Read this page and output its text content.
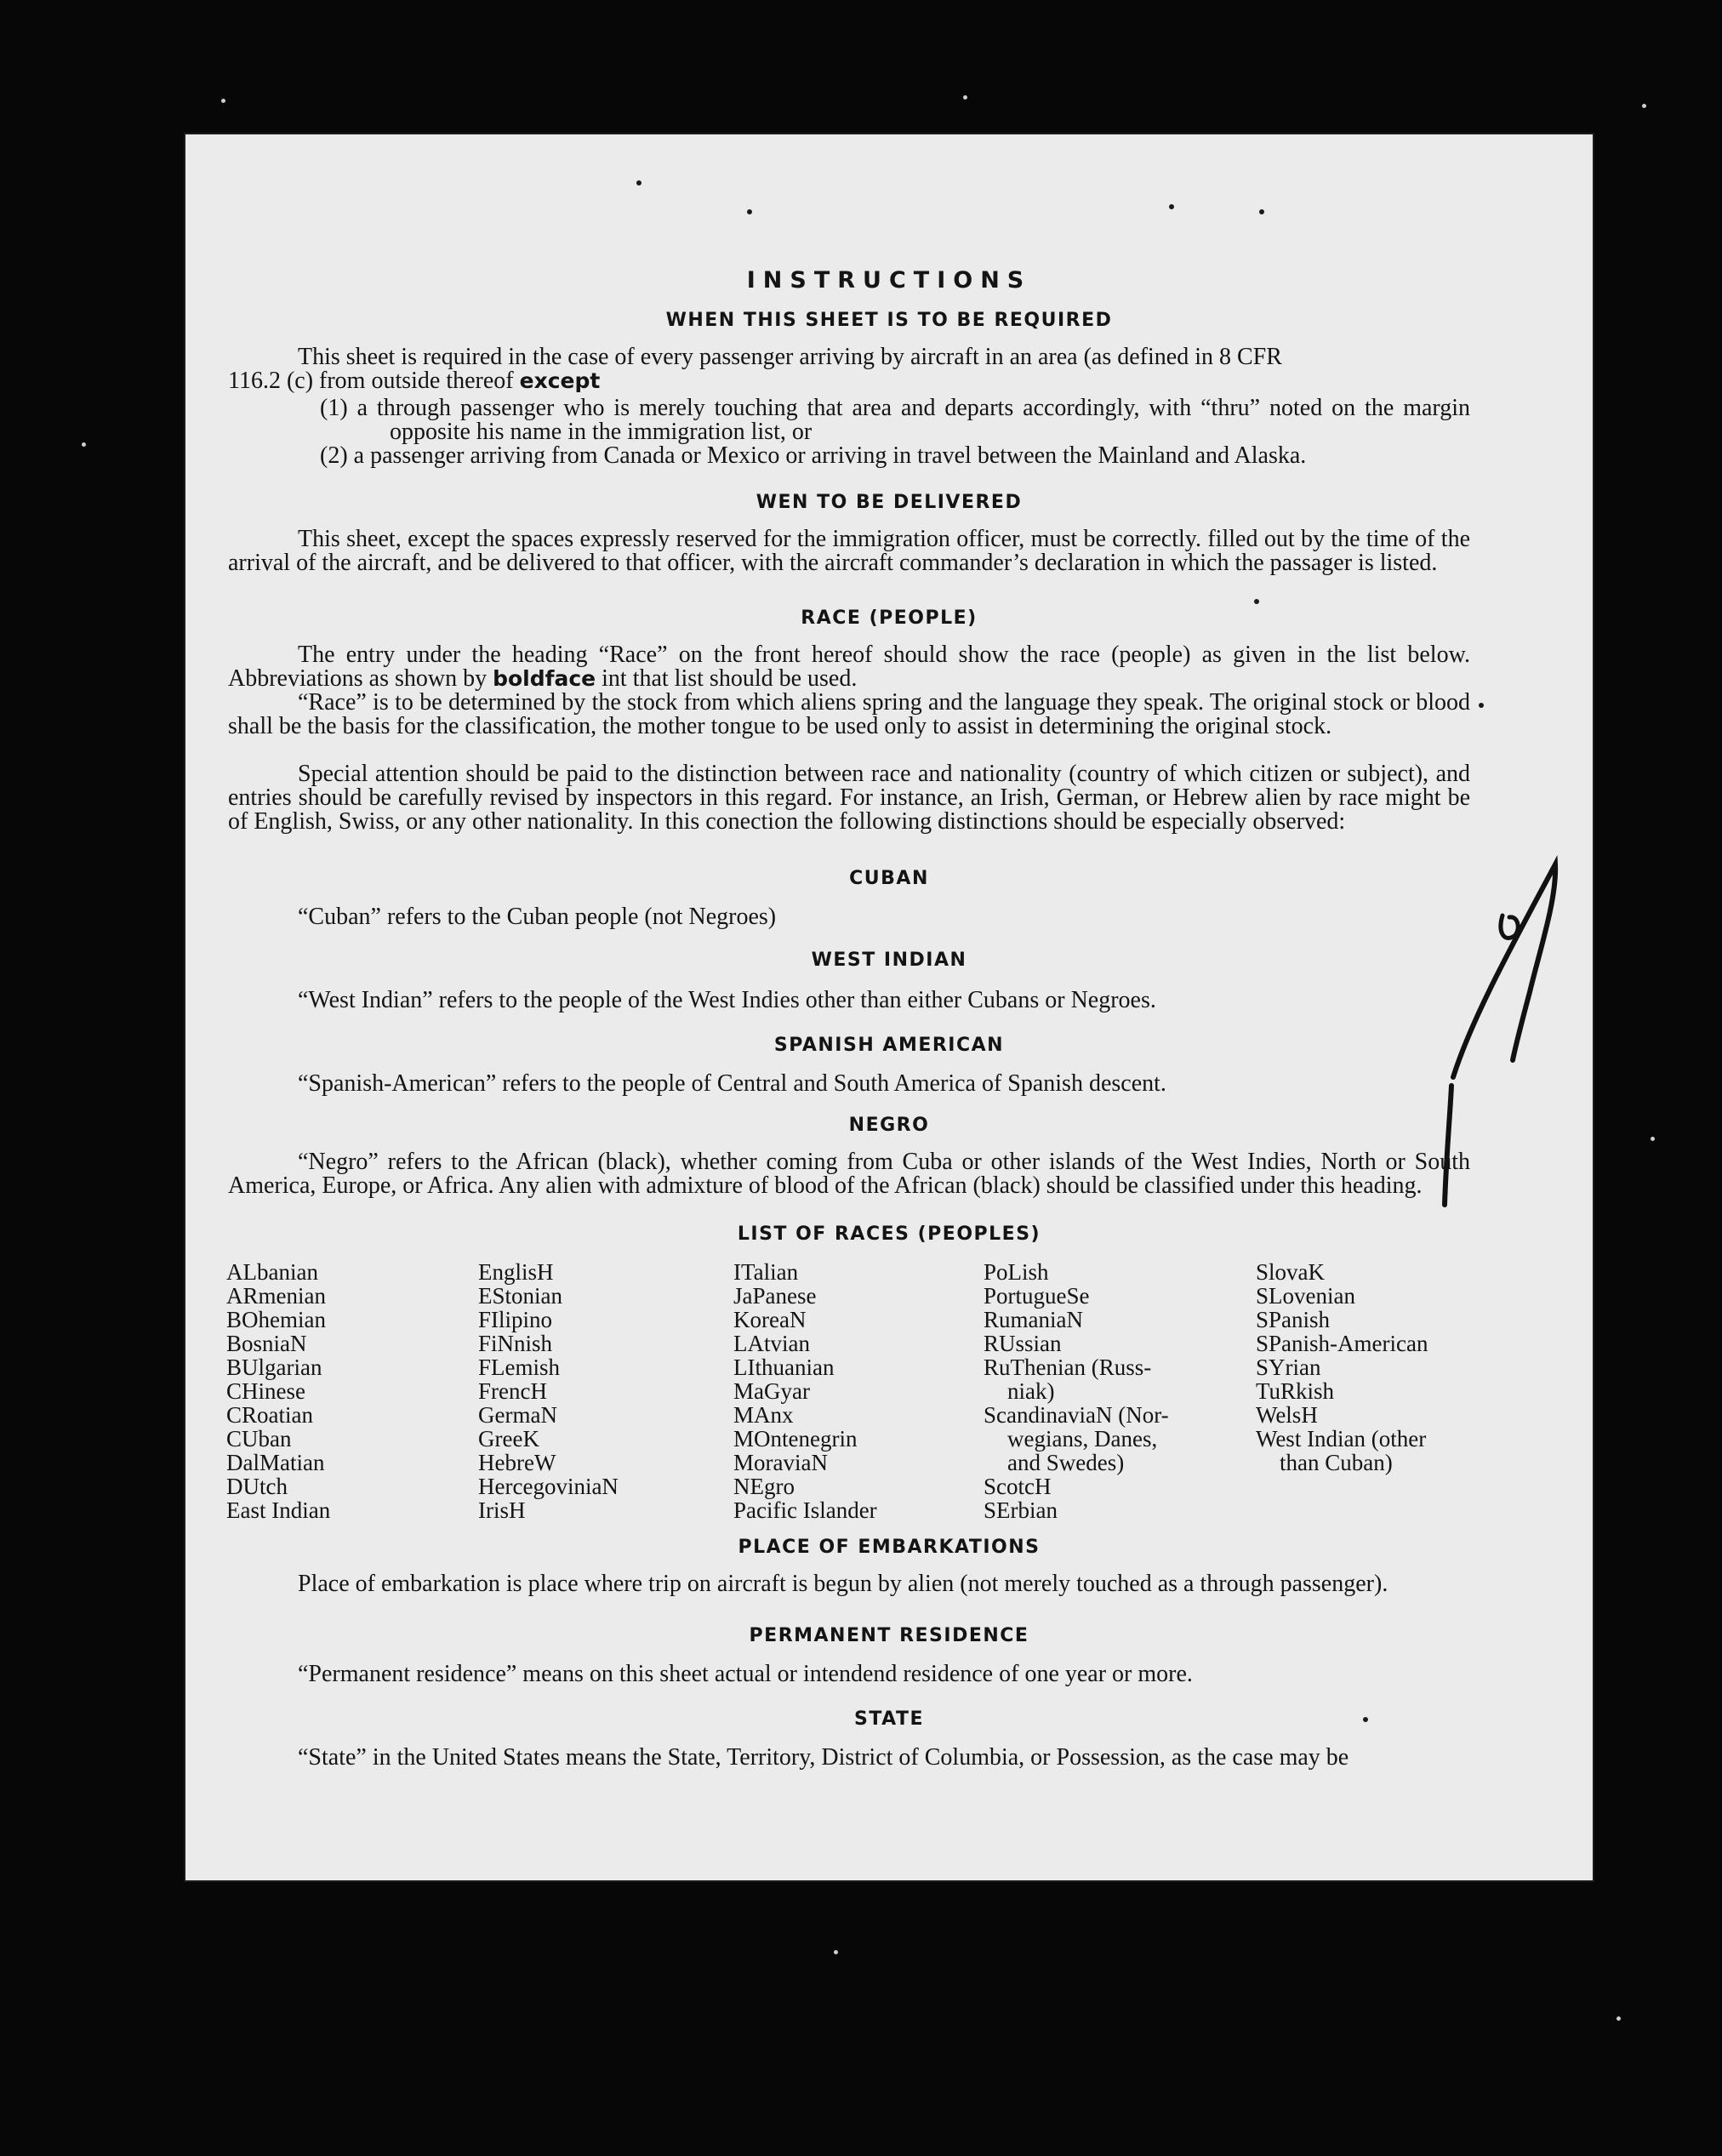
INSTRUCTIONS
WHEN THIS SHEET IS TO BE REQUIRED
This sheet is required in the case of every passenger arriving by aircraft in an area (as defined in 8 CFR
116.2 (c) from outside thereof except
(1) a through passenger who is merely touching that area and departs accordingly, with “thru” noted on the margin opposite his name in the immigration list, or
(2) a passenger arriving from Canada or Mexico or arriving in travel between the Mainland and Alaska.
WEN TO BE DELIVERED
This sheet, except the spaces expressly reserved for the immigration officer, must be correctly. filled out by the time of the arrival of the aircraft, and be delivered to that officer, with the aircraft commander’s declaration in which the passager is listed.
RACE (PEOPLE)
The entry under the heading “Race” on the front hereof should show the race (people) as given in the list below. Abbreviations as shown by boldface int that list should be used.
“Race” is to be determined by the stock from which aliens spring and the language they speak. The original stock or blood shall be the basis for the classification, the mother tongue to be used only to assist in determining the original stock.
Special attention should be paid to the distinction between race and nationality (country of which citizen or subject), and entries should be carefully revised by inspectors in this regard. For instance, an Irish, German, or Hebrew alien by race might be of English, Swiss, or any other nationality. In this conection the following distinctions should be especially observed:
CUBAN
“Cuban” refers to the Cuban people (not Negroes)
WEST INDIAN
“West Indian” refers to the people of the West Indies other than either Cubans or Negroes.
SPANISH AMERICAN
“Spanish-American” refers to the people of Central and South America of Spanish descent.
NEGRO
“Negro” refers to the African (black), whether coming from Cuba or other islands of the West Indies, North or South America, Europe, or Africa. Any alien with admixture of blood of the African (black) should be classified under this heading.
LIST OF RACES (PEOPLES)
ALbanian
ARmenian
BOhemian
BosniaN
BUlgarian
CHinese
CRoatian
CUban
DalMatian
DUtch
East Indian
EnglisH
EStonian
FIlipino
FiNnish
FLemish
FrencH
GermaN
GreeK
HebreW
HercegoviniaN
IrisH
ITalian
JaPanese
KoreaN
LAtvian
LIthuanian
MaGyar
MAnx
MOntenegrin
MoraviaN
NEgro
Pacific Islander
PoLish
PortugueSe
RumaniaN
RUssian
RuThenian (Russ-
niak)
ScandinaviaN (Nor-
wegians, Danes,
and Swedes)
ScotcH
SErbian
SlovaK
SLovenian
SPanish
SPanish-American
SYrian
TuRkish
WelsH
West Indian (other
than Cuban)
PLACE OF EMBARKATIONS
Place of embarkation is place where trip on aircraft is begun by alien (not merely touched as a through passenger).
PERMANENT RESIDENCE
“Permanent residence” means on this sheet actual or intendend residence of one year or more.
STATE
“State” in the United States means the State, Territory, District of Columbia, or Possession, as the case may be
